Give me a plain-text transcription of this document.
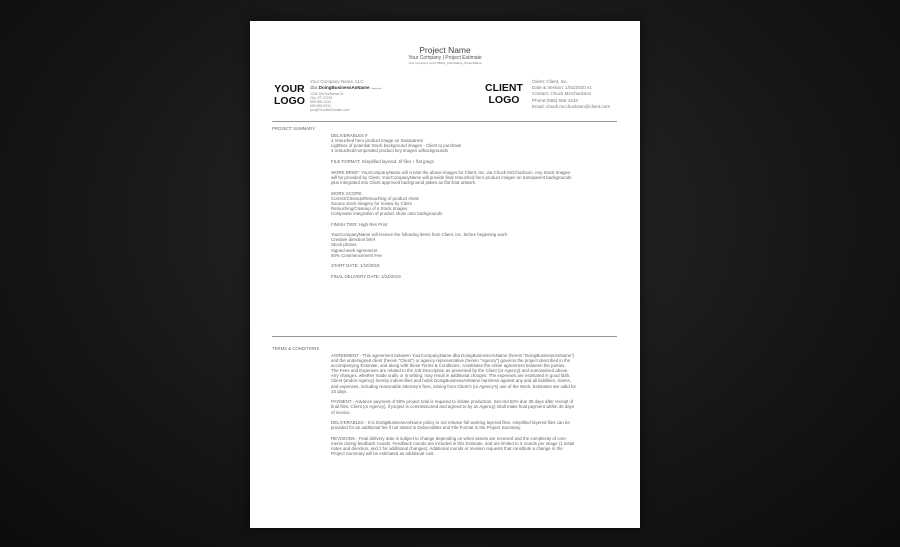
Project Name
Your Company | Project Estimate
Your Company List # 38901_ClientName_ProjectName
YOUR
LOGO
Your Company Name, LLC
dba DoingBusinessAsName if applicable
1234 Sth Northeast St.
City, ST 97198
555.555.1234
555.555.5234
you@YourBizDomain.com
CLIENT
LOGO
Client: Client, Inc.
Date & Version: 1/01/2020 v1
Contact: Chuck McChuckson
Phone:(555) 555-1234
Email: chuck.mcchuckson@client.com
PROJECT SUMMARY

DELIVERABLES #
4 retouched hero product image on transparent
Lightbox of potential Stock background images - Client to purchase
4 retouched/composited product key images w/backgrounds

FILE FORMAT: Simplified layered .tif files + flat jpegs

WORK BRIEF: YourCompanyName will create the above images for Client, Inc. via Chuck McChuckson. Any Stock Images
will be provided by Client. YourCompanyName will provide final retouched hero product images on transparent backgrounds
plus integrated into Client approved background plates as flat final artwork.

WORK SCOPE:
Correct/Cleanup/Retouching of product shots
Source stock imagery for review by Client
Retouching/Cleanup of 4 Stock Images
Composite integration of product shots onto backgrounds

FINISH TIER: High Res Print

YourCompanyName will receive the following items from Client, Inc. before beginning work:
Creative direction brief
Stock photos
Signed work agreement
50% Commencement Fee

START DATE: 1/10/2019

FINAL DELIVERY DATE: 1/24/2019

TERMS & CONDITIONS

AGREEMENT - This agreement between YourCompanyName dba DoingBusinessAsName (herein "DoingBusinessAsName")
and the undersigned client (herein "Client") or agency representative (herein "Agency") governs the project described in the
accompanying Estimate, and along with these Terms & Conditions, constitutes the entire agreement between the parties.
The Fees and Expenses are related to the Job Description as presented by the Client (or Agency) and summarized above.
Any changes, whether made orally or in writing, may result in additional charges. The expenses are estimated in good faith.
Client (and/or Agency) hereby indemnifies and holds DoingBusinessAsName harmless against any and all liabilities, claims,
and expenses, including reasonable attorney's fees, arising from Client's (or Agency's) use of the Work. Estimates are valid for
15 days.

PAYMENT - Advance payment of 50% project total is required to initiate production. Second 50% due 30 days after receipt of
final files. Client (or Agency), if project is commissioned and agreed to by an Agency) shall make final payment within 30 days
of invoice.

DELIVERABLES - It is DoingBusinessAsName policy to not release full working layered files, simplified layered files can be
provided for an additional fee if not stated in Deliverables and File Format in the Project Summary.

REVISIONS - Final delivery date is subject to change depending on when assets are received and the complexity of com-
ments during feedback rounds. Feedback rounds are included in this Estimate, and are limited to 3 rounds per image (1 initial
notes and direction, and 2 for additional changes). Additional rounds or revision requests that constitute a change in the
Project Summary will be estimated as additional cost.
